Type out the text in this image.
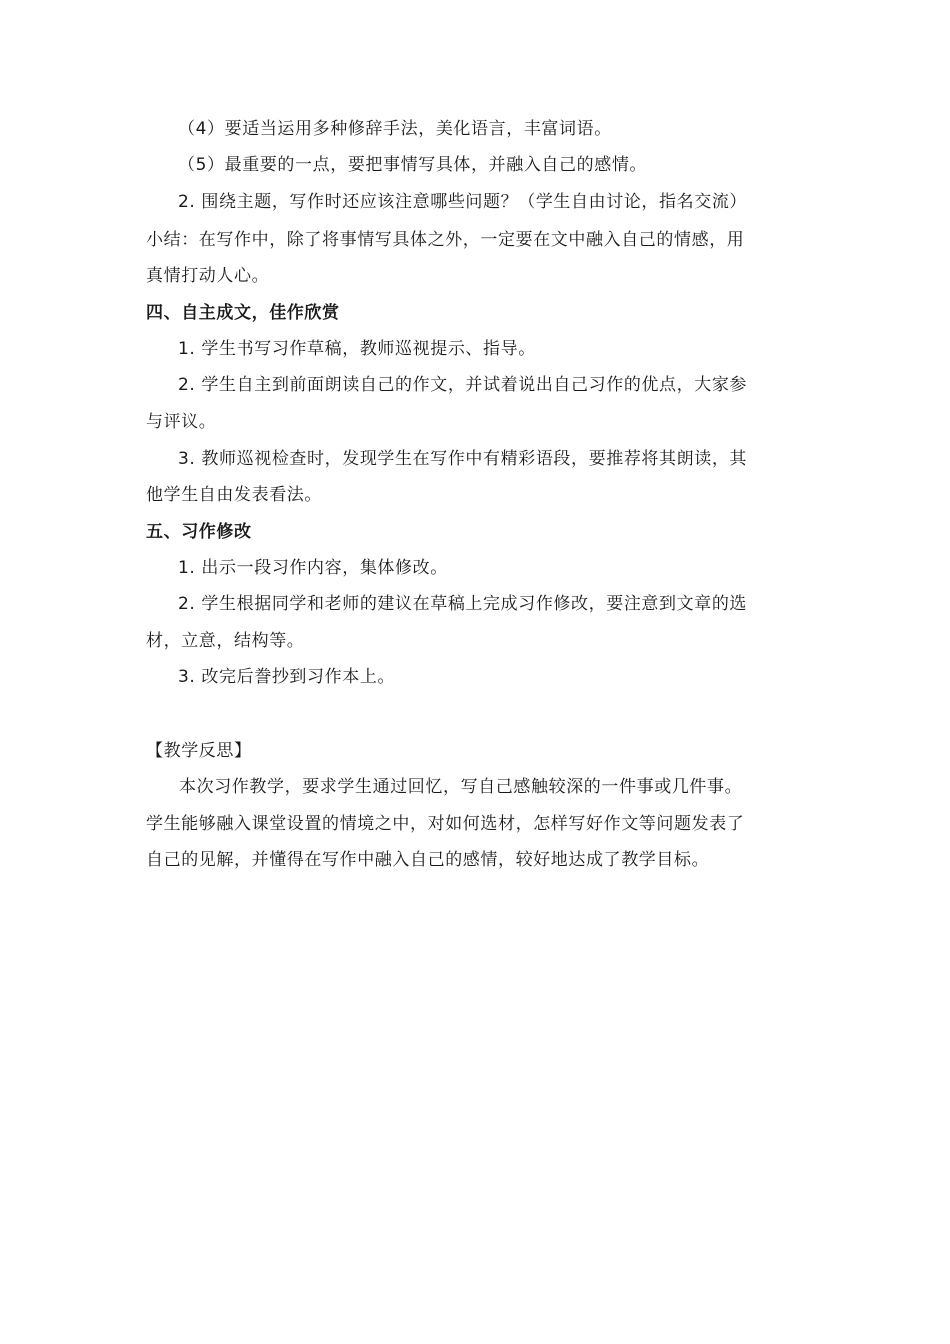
（4）要适当运用多种修辞手法，美化语言，丰富词语。
（5）最重要的一点，要把事情写具体，并融入自己的感情。
2. 围绕主题，写作时还应该注意哪些问题？（学生自由讨论，指名交流）
小结：在写作中，除了将事情写具体之外，一定要在文中融入自己的情感，用
真情打动人心。
四、自主成文，佳作欣赏
1. 学生书写习作草稿，教师巡视提示、指导。
2. 学生自主到前面朗读自己的作文，并试着说出自己习作的优点，大家参
与评议。
3. 教师巡视检查时，发现学生在写作中有精彩语段，要推荐将其朗读，其
他学生自由发表看法。
五、习作修改
1. 出示一段习作内容，集体修改。
2. 学生根据同学和老师的建议在草稿上完成习作修改，要注意到文章的选
材，立意，结构等。
3. 改完后誊抄到习作本上。
【教学反思】
本次习作教学，要求学生通过回忆，写自己感触较深的一件事或几件事。
学生能够融入课堂设置的情境之中，对如何选材，怎样写好作文等问题发表了
自己的见解，并懂得在写作中融入自己的感情，较好地达成了教学目标。
